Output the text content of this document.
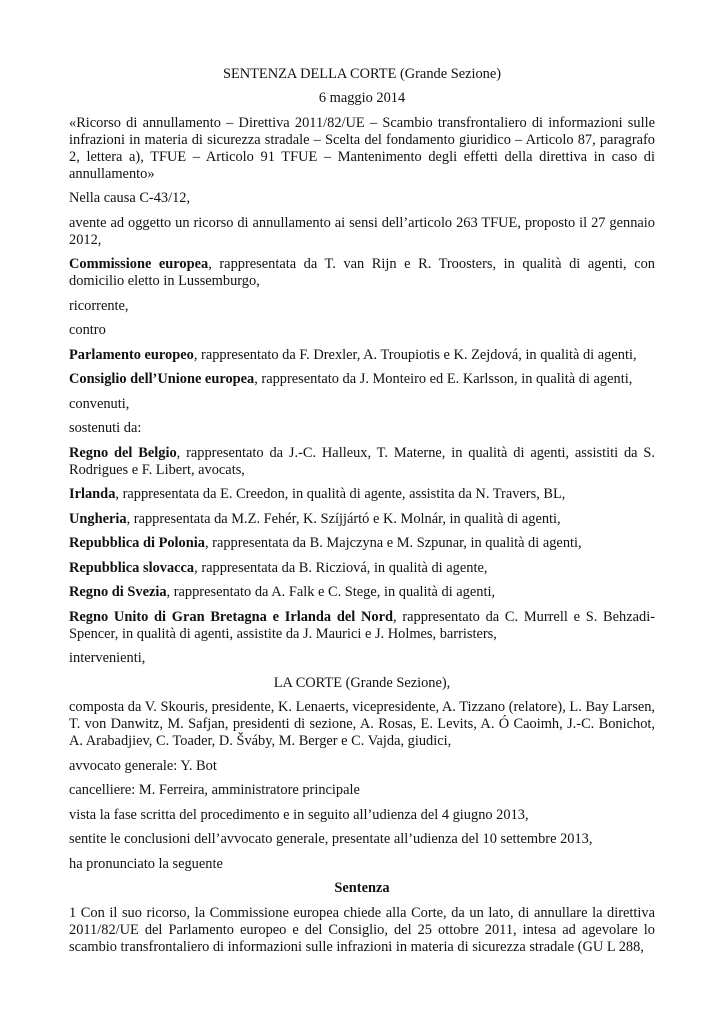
SENTENZA DELLA CORTE (Grande Sezione)

6 maggio 2014

«Ricorso di annullamento – Direttiva 2011/82/UE – Scambio transfrontaliero di informazioni sulle infrazioni in materia di sicurezza stradale – Scelta del fondamento giuridico – Articolo 87, paragrafo 2, lettera a), TFUE – Articolo 91 TFUE – Mantenimento degli effetti della direttiva in caso di annullamento»

Nella causa C-43/12,

avente ad oggetto un ricorso di annullamento ai sensi dell’articolo 263 TFUE, proposto il 27 gennaio 2012,

Commissione europea, rappresentata da T. van Rijn e R. Troosters, in qualità di agenti, con domicilio eletto in Lussemburgo,

ricorrente,

contro

Parlamento europeo, rappresentato da F. Drexler, A. Troupiotis e K. Zejdová, in qualità di agenti,

Consiglio dell’Unione europea, rappresentato da J. Monteiro ed E. Karlsson, in qualità di agenti,

convenuti,

sostenuti da:

Regno del Belgio, rappresentato da J.-C. Halleux, T. Materne, in qualità di agenti, assistiti da S. Rodrigues e F. Libert, avocats,

Irlanda, rappresentata da E. Creedon, in qualità di agente, assistita da N. Travers, BL,

Ungheria, rappresentata da M.Z. Fehér, K. Szíjjártó e K. Molnár, in qualità di agenti,

Repubblica di Polonia, rappresentata da B. Majczyna e M. Szpunar, in qualità di agenti,

Repubblica slovacca, rappresentata da B. Ricziová, in qualità di agente,

Regno di Svezia, rappresentato da A. Falk e C. Stege, in qualità di agenti,

Regno Unito di Gran Bretagna e Irlanda del Nord, rappresentato da C. Murrell e S. Behzadi-Spencer, in qualità di agenti, assistite da J. Maurici e J. Holmes, barristers,

intervenienti,

LA CORTE (Grande Sezione),

composta da V. Skouris, presidente, K. Lenaerts, vicepresidente, A. Tizzano (relatore), L. Bay Larsen, T. von Danwitz, M. Safjan, presidenti di sezione, A. Rosas, E. Levits, A. Ó Caoimh, J.-C. Bonichot, A. Arabadjiev, C. Toader, D. Šváby, M. Berger e C. Vajda, giudici,

avvocato generale: Y. Bot

cancelliere: M. Ferreira, amministratore principale

vista la fase scritta del procedimento e in seguito all’udienza del 4 giugno 2013,

sentite le conclusioni dell’avvocato generale, presentate all’udienza del 10 settembre 2013,

ha pronunciato la seguente

Sentenza

1 Con il suo ricorso, la Commissione europea chiede alla Corte, da un lato, di annullare la direttiva 2011/82/UE del Parlamento europeo e del Consiglio, del 25 ottobre 2011, intesa ad agevolare lo scambio transfrontaliero di informazioni sulle infrazioni in materia di sicurezza stradale (GU L 288,
